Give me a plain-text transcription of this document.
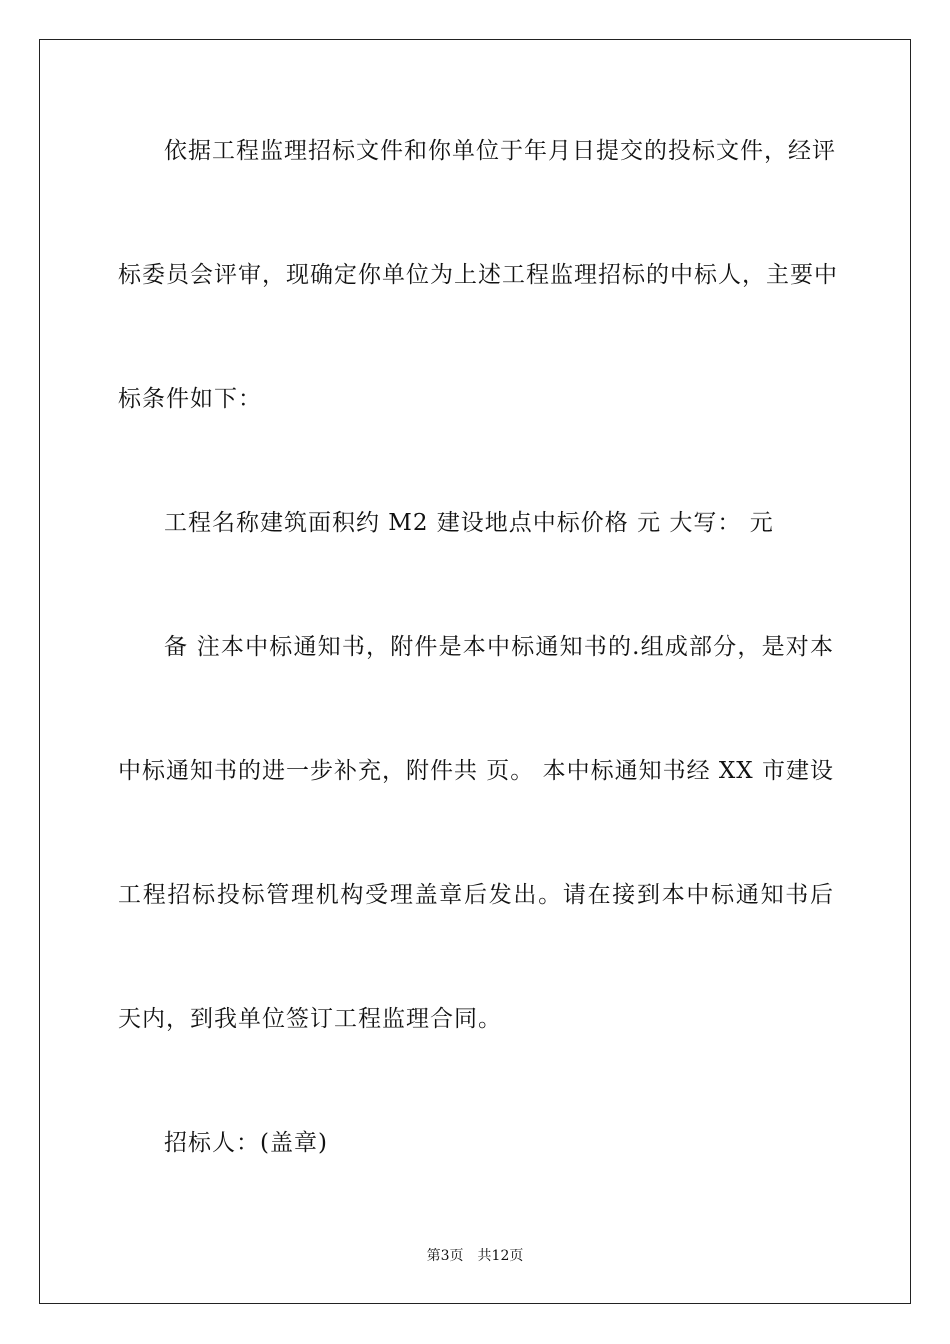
依据工程监理招标文件和你单位于年月日提交的投标文件，经评
标委员会评审，现确定你单位为上述工程监理招标的中标人，主要中
标条件如下：
工程名称建筑面积约 M2 建设地点中标价格 元 大写： 元
备 注本中标通知书，附件是本中标通知书的.组成部分，是对本
中标通知书的进一步补充，附件共 页。 本中标通知书经 XX 市建设
工程招标投标管理机构受理盖章后发出。请在接到本中标通知书后
天内，到我单位签订工程监理合同。
招标人：(盖章)
第3页　共12页
